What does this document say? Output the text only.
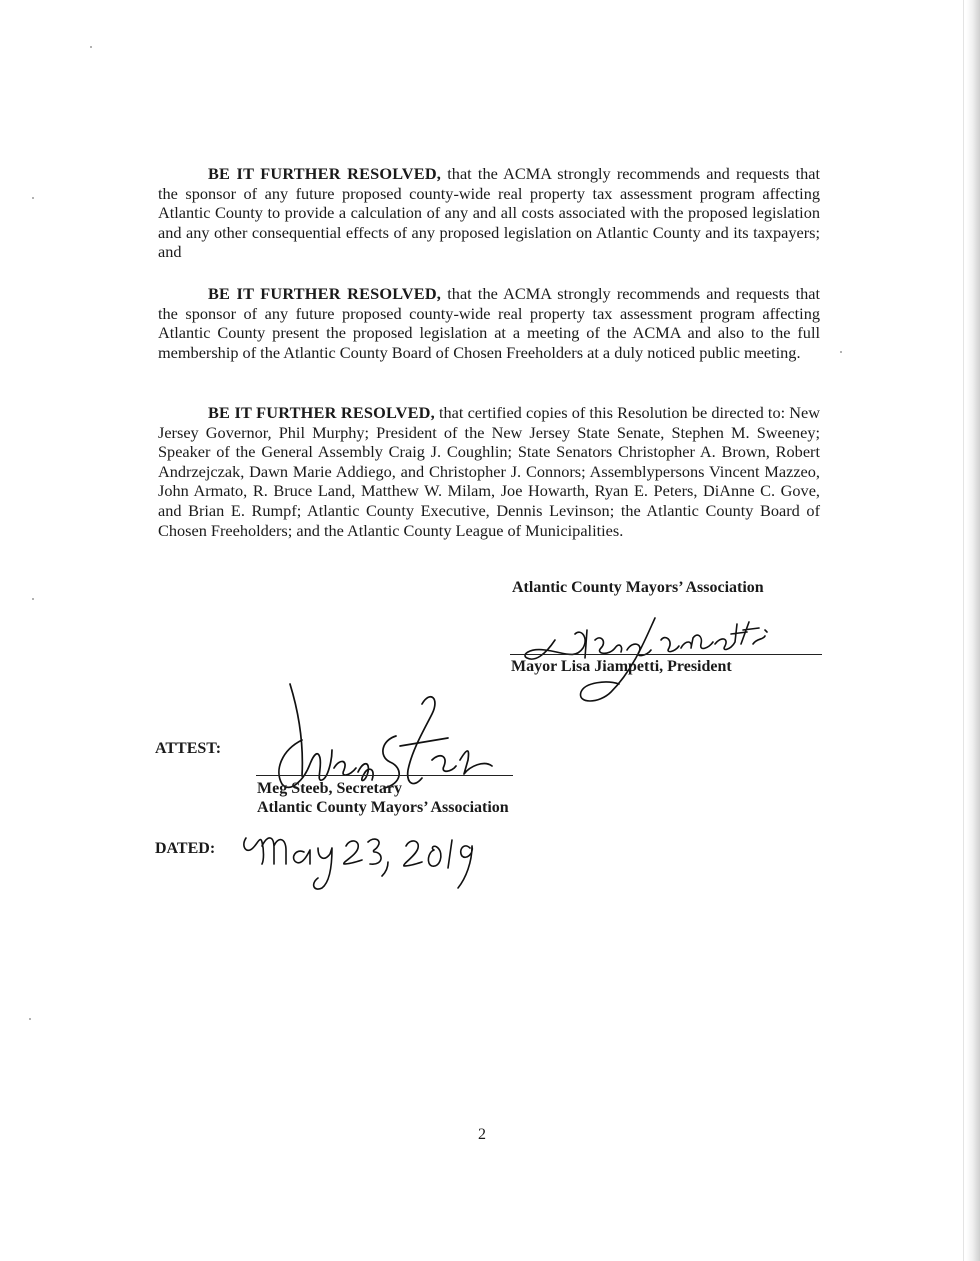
BE IT FURTHER RESOLVED, that the ACMA strongly recommends and requests that the sponsor of any future proposed county-wide real property tax assessment program affecting Atlantic County to provide a calculation of any and all costs associated with the proposed legislation and any other consequential effects of any proposed legislation on Atlantic County and its taxpayers; and

BE IT FURTHER RESOLVED, that the ACMA strongly recommends and requests that the sponsor of any future proposed county-wide real property tax assessment program affecting Atlantic County present the proposed legislation at a meeting of the ACMA and also to the full membership of the Atlantic County Board of Chosen Freeholders at a duly noticed public meeting.

BE IT FURTHER RESOLVED, that certified copies of this Resolution be directed to: New Jersey Governor, Phil Murphy; President of the New Jersey State Senate, Stephen M. Sweeney; Speaker of the General Assembly Craig J. Coughlin; State Senators Christopher A. Brown, Robert Andrzejczak, Dawn Marie Addiego, and Christopher J. Connors; Assemblypersons Vincent Mazzeo, John Armato, R. Bruce Land, Matthew W. Milam, Joe Howarth, Ryan E. Peters, DiAnne C. Gove, and Brian E. Rumpf; Atlantic County Executive, Dennis Levinson; the Atlantic County Board of Chosen Freeholders; and the Atlantic County League of Municipalities.

Atlantic County Mayors’ Association
Mayor Lisa Jiampetti, President
ATTEST:
Meg Steeb, Secretary
Atlantic County Mayors’ Association
DATED:
2
